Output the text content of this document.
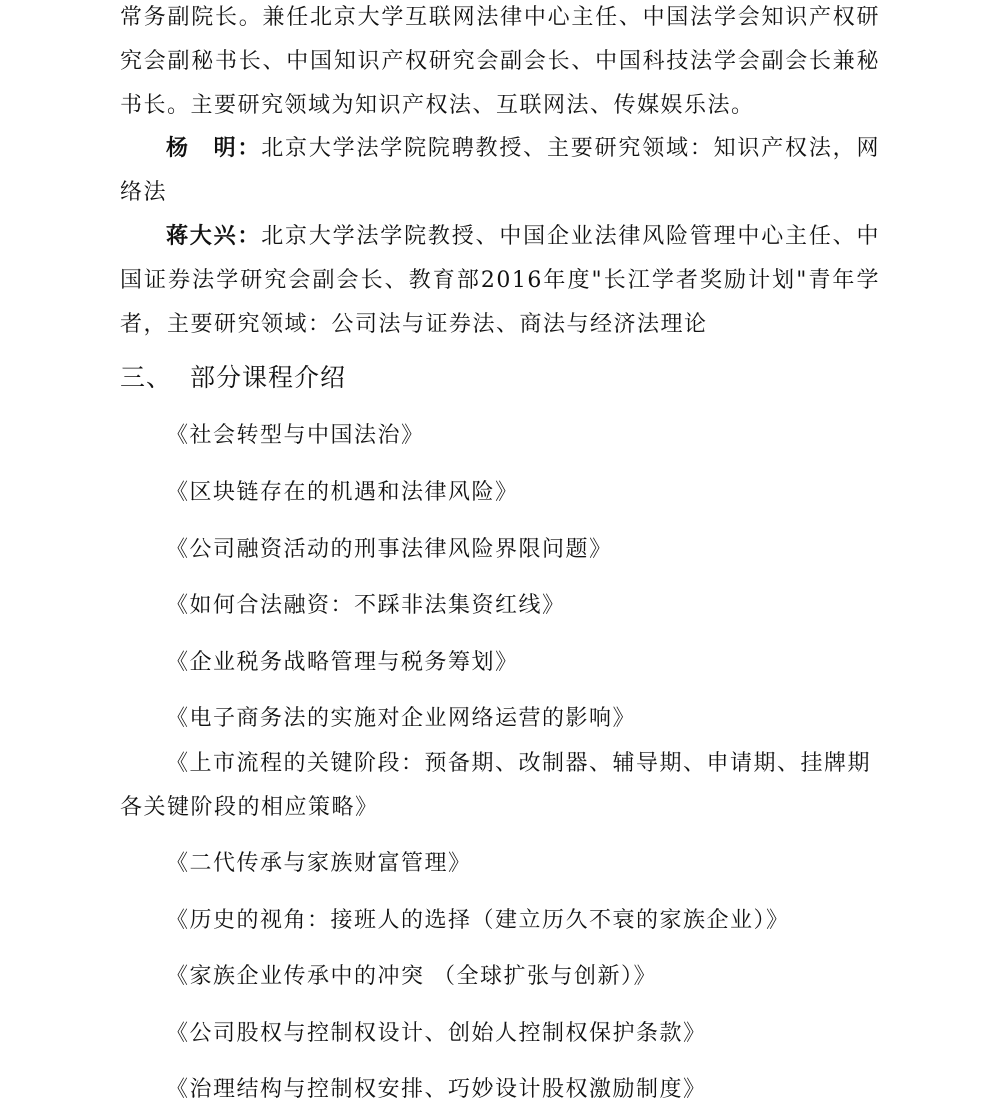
常务副院长。兼任北京大学互联网法律中心主任、中国法学会知识产权研究会副秘书长、中国知识产权研究会副会长、中国科技法学会副会长兼秘书长。主要研究领域为知识产权法、互联网法、传媒娱乐法。
杨　明：北京大学法学院院聘教授、主要研究领域：知识产权法，网络法
蒋大兴：北京大学法学院教授、中国企业法律风险管理中心主任、中国证券法学研究会副会长、教育部2016年度"长江学者奖励计划"青年学者，主要研究领域：公司法与证券法、商法与经济法理论
三、 部分课程介绍
《社会转型与中国法治》
《区块链存在的机遇和法律风险》
《公司融资活动的刑事法律风险界限问题》
《如何合法融资：不踩非法集资红线》
《企业税务战略管理与税务筹划》
《电子商务法的实施对企业网络运营的影响》
《上市流程的关键阶段：预备期、改制器、辅导期、申请期、挂牌期各关键阶段的相应策略》
《二代传承与家族财富管理》
《历史的视角：接班人的选择（建立历久不衰的家族企业）》
《家族企业传承中的冲突 （全球扩张与创新）》
《公司股权与控制权设计、创始人控制权保护条款》
《治理结构与控制权安排、巧妙设计股权激励制度》
